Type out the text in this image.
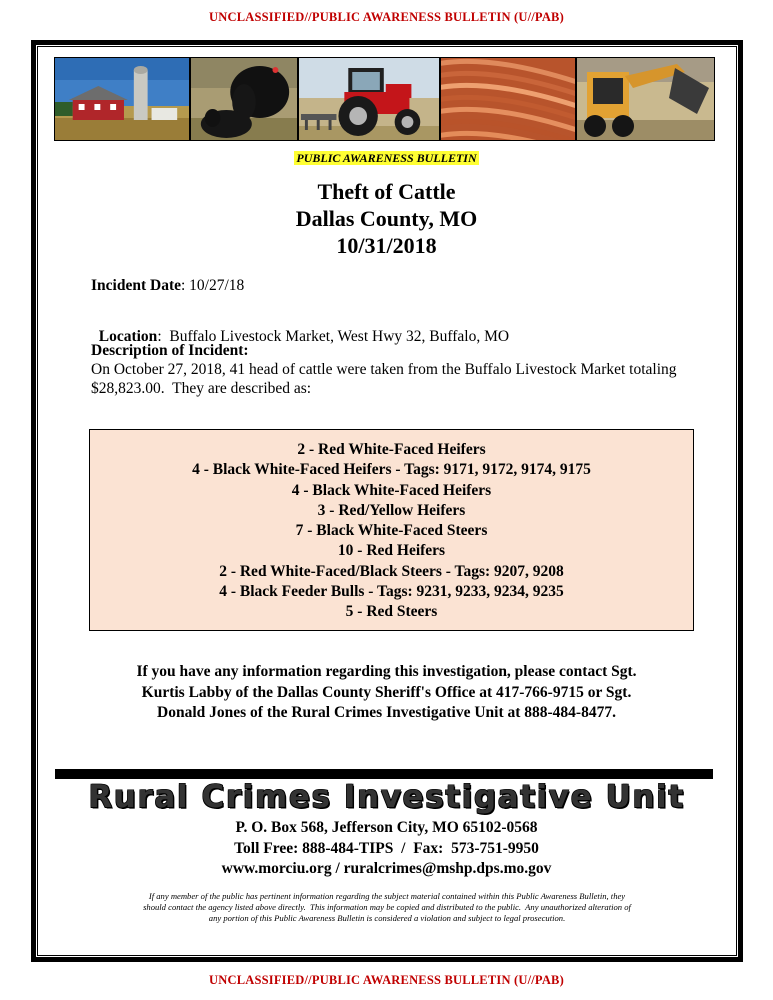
UNCLASSIFIED//PUBLIC AWARENESS BULLETIN (U//PAB)
PUBLIC AWARENESS BULLETIN
Theft of Cattle
Dallas County, MO
10/31/2018
Incident Date: 10/27/18

Location:  Buffalo Livestock Market, West Hwy 32, Buffalo, MO

Description of Incident:
On October 27, 2018, 41 head of cattle were taken from the Buffalo Livestock Market totaling $28,823.00.  They are described as:
2 - Red White-Faced Heifers
4 - Black White-Faced Heifers - Tags: 9171, 9172, 9174, 9175
4 - Black White-Faced Heifers
3 - Red/Yellow Heifers
7 - Black White-Faced Steers
10 - Red Heifers
2 - Red White-Faced/Black Steers - Tags: 9207, 9208
4 - Black Feeder Bulls - Tags: 9231, 9233, 9234, 9235
5 - Red Steers
If you have any information regarding this investigation, please contact Sgt.
Kurtis Labby of the Dallas County Sheriff's Office at 417-766-9715 or Sgt.
Donald Jones of the Rural Crimes Investigative Unit at 888-484-8477.
Rural Crimes Investigative Unit
P. O. Box 568, Jefferson City, MO 65102-0568
Toll Free: 888-484-TIPS  /  Fax:  573-751-9950
www.morciu.org / ruralcrimes@mshp.dps.mo.gov
If any member of the public has pertinent information regarding the subject material contained within this Public Awareness Bulletin, they
should contact the agency listed above directly.  This information may be copied and distributed to the public.  Any unauthorized alteration of
any portion of this Public Awareness Bulletin is considered a violation and subject to legal prosecution.
UNCLASSIFIED//PUBLIC AWARENESS BULLETIN (U//PAB)
